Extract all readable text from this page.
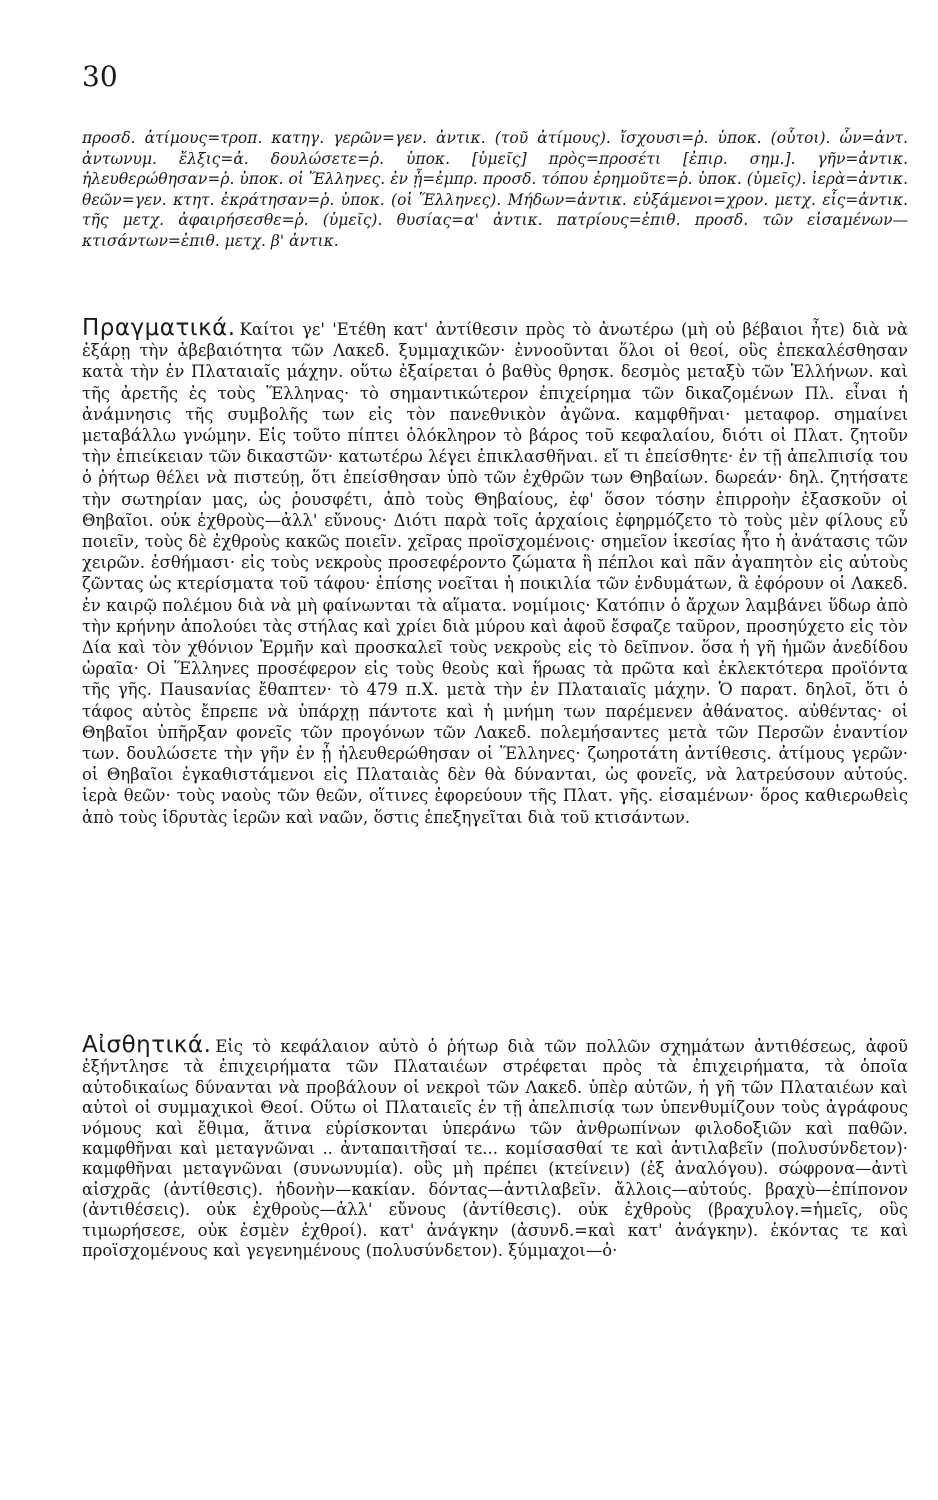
30

προσδ. ἀτίμους=τροπ. κατηγ. γερῶν=γεν. ἀντικ. (τοῦ ἀτίμους). ἴσχουσι=ῥ. ὑποκ. (οὗτοι). ὧν=ἀντ. ἀντωνυμ. ἔλξις=ἀ. δουλώσετε=ῥ. ὑποκ. [ὑμεῖς] πρὸς=προσέτι [ἐπιρ. σημ.]. γῆν=ἀντικ. ἠλευθερώθησαν=ῥ. ὑποκ. οἱ Ἕλληνες. ἐν ᾗ=ἐμπρ. προσδ. τόπου ἐρημοῦτε=ῥ. ὑποκ. (ὑμεῖς). ἱερὰ=ἀντικ. θεῶν=γεν. κτητ. ἐκράτησαν=ῥ. ὑποκ. (οἱ Ἕλληνες). Μήδων=ἀντικ. εὐξάμενοι=χρον. μετχ. εἷς=ἀντικ. τῆς μετχ. ἀφαιρήσεσθε=ῥ. (ὑμεῖς). θυσίας=α' ἀντικ. πατρίους=ἐπιθ. προσδ. τῶν εἱσαμένων—κτισάντων=ἐπιθ. μετχ. β' ἀντικ.

Πραγματικά. Καίτοι γε' 'Ετέθη κατ' ἀντίθεσιν πρὸς τὸ ἀνωτέρω (μὴ οὐ βέβαιοι ἦτε) διὰ νὰ ἐξάρῃ τὴν ἀβεβαιότητα τῶν Λακεδ. ξυμμαχικῶν· ἐννοοῦνται ὅλοι οἱ θεοί, οὓς ἐπεκαλέσθησαν κατὰ τὴν ἐν Πλαταιαῖς μάχην. οὕτω ἐξαίρεται ὁ βαθὺς θρησκ. δεσμὸς μεταξὺ τῶν Ἑλλήνων. καὶ τῆς ἀρετῆς ἐς τοὺς Ἕλληνας· τὸ σημαντικώτερον ἐπιχείρημα τῶν δικαζομένων Πλ. εἶναι ἡ ἀνάμνησις τῆς συμβολῆς των εἰς τὸν πανεθνικὸν ἀγῶνα. καμφθῆναι· μεταφορ. σημαίνει μεταβάλλω γνώμην. Εἰς τοῦτο πίπτει ὁλόκληρον τὸ βάρος τοῦ κεφαλαίου, διότι οἱ Πλατ. ζητοῦν τὴν ἐπιείκειαν τῶν δικαστῶν· κατωτέρω λέγει ἐπικλασθῆναι. εἴ τι ἐπείσθητε· ἐν τῇ ἀπελπισίᾳ του ὁ ῥήτωρ θέλει νὰ πιστεύῃ, ὅτι ἐπείσθησαν ὑπὸ τῶν ἐχθρῶν των Θηβαίων. δωρεάν· δηλ. ζητήσατε τὴν σωτηρίαν μας, ὡς ῥουσφέτι, ἀπὸ τοὺς Θηβαίους, ἐφ' ὅσον τόσην ἐπιρροὴν ἐξασκοῦν οἱ Θηβαῖοι. οὐκ ἐχθροὺς—ἀλλ' εὔνους· Διότι παρὰ τοῖς ἀρχαίοις ἐφηρμόζετο τὸ τοὺς μὲν φίλους εὖ ποιεῖν, τοὺς δὲ ἐχθροὺς κακῶς ποιεῖν. χεῖρας προϊσχομένοις· σημεῖον ἱκεσίας ἦτο ἡ ἀνάτασις τῶν χειρῶν. ἐσθήμασι· εἰς τοὺς νεκροὺς προσεφέροντο ζώματα ἢ πέπλοι καὶ πᾶν ἀγαπητὸν εἰς αὐτοὺς ζῶντας ὡς κτερίσματα τοῦ τάφου· ἐπίσης νοεῖται ἡ ποικιλία τῶν ἐνδυμάτων, ἃ ἐφόρουν οἱ Λακεδ. ἐν καιρῷ πολέμου διὰ νὰ μὴ φαίνωνται τὰ αἵματα. νομίμοις· Κατόπιν ὁ ἄρχων λαμβάνει ὕδωρ ἀπὸ τὴν κρήνην ἀπολούει τὰς στήλας καὶ χρίει διὰ μύρου καὶ ἀφοῦ ἔσφαζε ταῦρον, προσηύχετο εἰς τὸν Δία καὶ τὸν χθόνιον Ἑρμῆν καὶ προσκαλεῖ τοὺς νεκροὺς εἰς τὸ δεῖπνον. ὅσα ἡ γῆ ἡμῶν ἀνεδίδου ὡραῖα· Οἱ Ἕλληνες προσέφερον εἰς τοὺς θεοὺς καὶ ἥρωας τὰ πρῶτα καὶ ἐκλεκτότερα προϊόντα τῆς γῆς. Πausανίας ἔθαπτεν· τὸ 479 π.Χ. μετὰ τὴν ἐν Πλαταιαῖς μάχην. Ὁ παρατ. δηλοῖ, ὅτι ὁ τάφος αὐτὸς ἔπρεπε νὰ ὑπάρχῃ πάντοτε καὶ ἡ μνήμη των παρέμενεν ἀθάνατος. αὐθέντας· οἱ Θηβαῖοι ὑπῆρξαν φονεῖς τῶν προγόνων τῶν Λακεδ. πολεμήσαντες μετὰ τῶν Περσῶν ἐναντίον των. δουλώσετε τὴν γῆν ἐν ᾗ ἠλευθερώθησαν οἱ Ἕλληνες· ζωηροτάτη ἀντίθεσις. ἀτίμους γερῶν· οἱ Θηβαῖοι ἐγκαθιστάμενοι εἰς Πλαταιὰς δὲν θὰ δύνανται, ὡς φονεῖς, νὰ λατρεύσουν αὐτούς. ἱερὰ θεῶν· τοὺς ναοὺς τῶν θεῶν, οἵτινες ἐφορεύουν τῆς Πλατ. γῆς. εἱσαμένων· ὅρος καθιερωθεὶς ἀπὸ τοὺς ἱδρυτὰς ἱερῶν καὶ ναῶν, ὅστις ἐπεξηγεῖται διὰ τοῦ κτισάντων.

Αἰσθητικά. Εἰς τὸ κεφάλαιον αὐτὸ ὁ ῥήτωρ διὰ τῶν πολλῶν σχημάτων ἀντιθέσεως, ἀφοῦ ἐξήντλησε τὰ ἐπιχειρήματα τῶν Πλαταιέων στρέφεται πρὸς τὰ ἐπιχειρήματα, τὰ ὁποῖα αὐτοδικαίως δύνανται νὰ προβάλουν οἱ νεκροὶ τῶν Λακεδ. ὑπὲρ αὐτῶν, ἡ γῆ τῶν Πλαταιέων καὶ αὐτοὶ οἱ συμμαχικοὶ Θεοί. Οὕτω οἱ Πλαταιεῖς ἐν τῇ ἀπελπισίᾳ των ὑπενθυμίζουν τοὺς ἀγράφους νόμους καὶ ἔθιμα, ἅτινα εὑρίσκονται ὑπεράνω τῶν ἀνθρωπίνων φιλοδοξιῶν καὶ παθῶν. καμφθῆναι καὶ μεταγνῶναι .. ἀνταπαιτῆσαί τε... κομίσασθαί τε καὶ ἀντιλαβεῖν (πολυσύνδετον)· καμφθῆναι μεταγνῶναι (συνωνυμία). οὓς μὴ πρέπει (κτείνειν) (ἐξ ἀναλόγου). σώφρονα—ἀντὶ αἰσχρᾶς (ἀντίθεσις). ἡδονὴν—κακίαν. δόντας—ἀντιλαβεῖν. ἄλλοις—αὐτούς. βραχὺ—ἐπίπονον (ἀντιθέσεις). οὐκ ἐχθροὺς—ἀλλ' εὔνους (ἀντίθεσις). οὐκ ἐχθροὺς (βραχυλογ.=ἡμεῖς, οὓς τιμωρήσεσε, οὐκ ἐσμὲν ἐχθροί). κατ' ἀνάγκην (ἀσυνδ.=καὶ κατ' ἀνάγκην). ἑκόντας τε καὶ προϊσχομένους καὶ γεγενημένους (πολυσύνδετον). ξύμμαχοι—ὁ·
